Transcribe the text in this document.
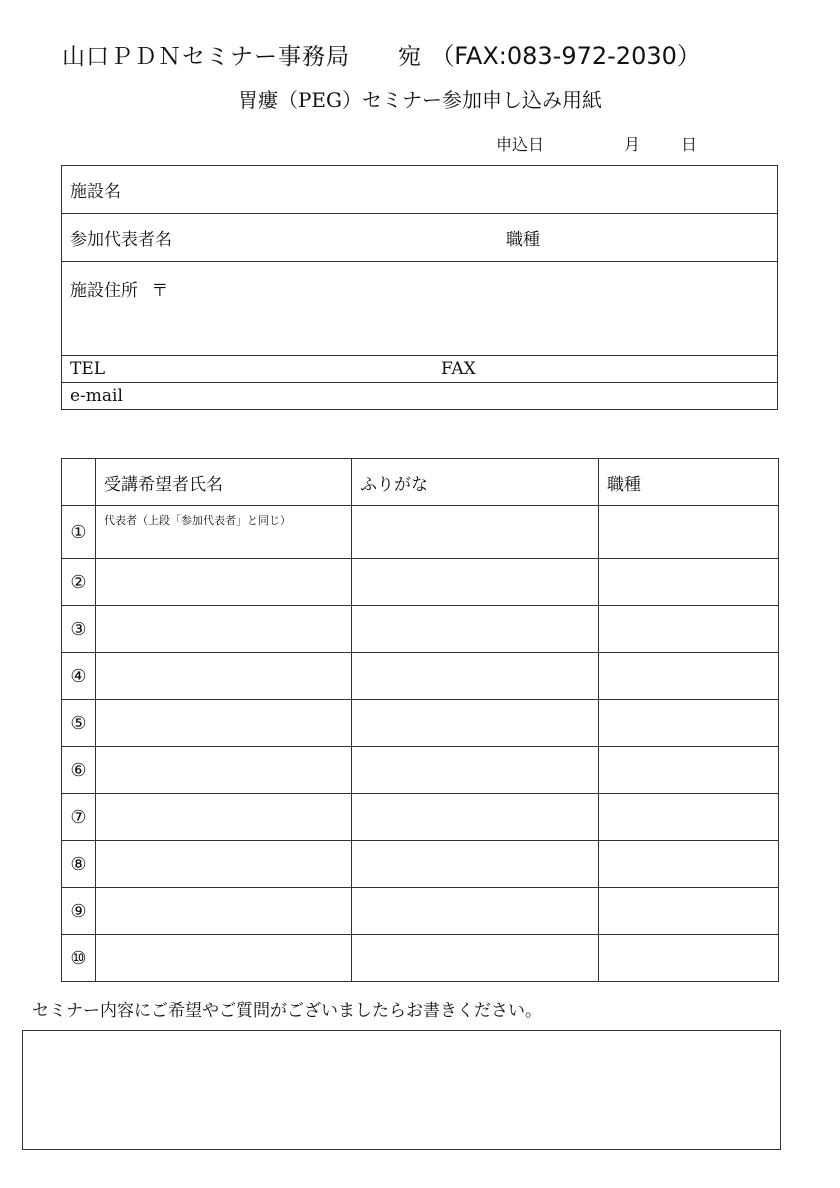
山口ＰＤＮセミナー事務局　　宛 （FAX:083-972-2030）
胃瘻（PEG）セミナー参加申し込み用紙
申込日	月	日
施設名

参加代表者名	職種

施設住所 〒

TEL	FAX

e-mail
	受講希望者氏名	ふりがな	職種
①	代表者（上段「参加代表者」と同じ）		
②			
③			
④			
⑤			
⑥			
⑦			
⑧			
⑨			
⑩			
セミナー内容にご希望やご質問がございましたらお書きください。
